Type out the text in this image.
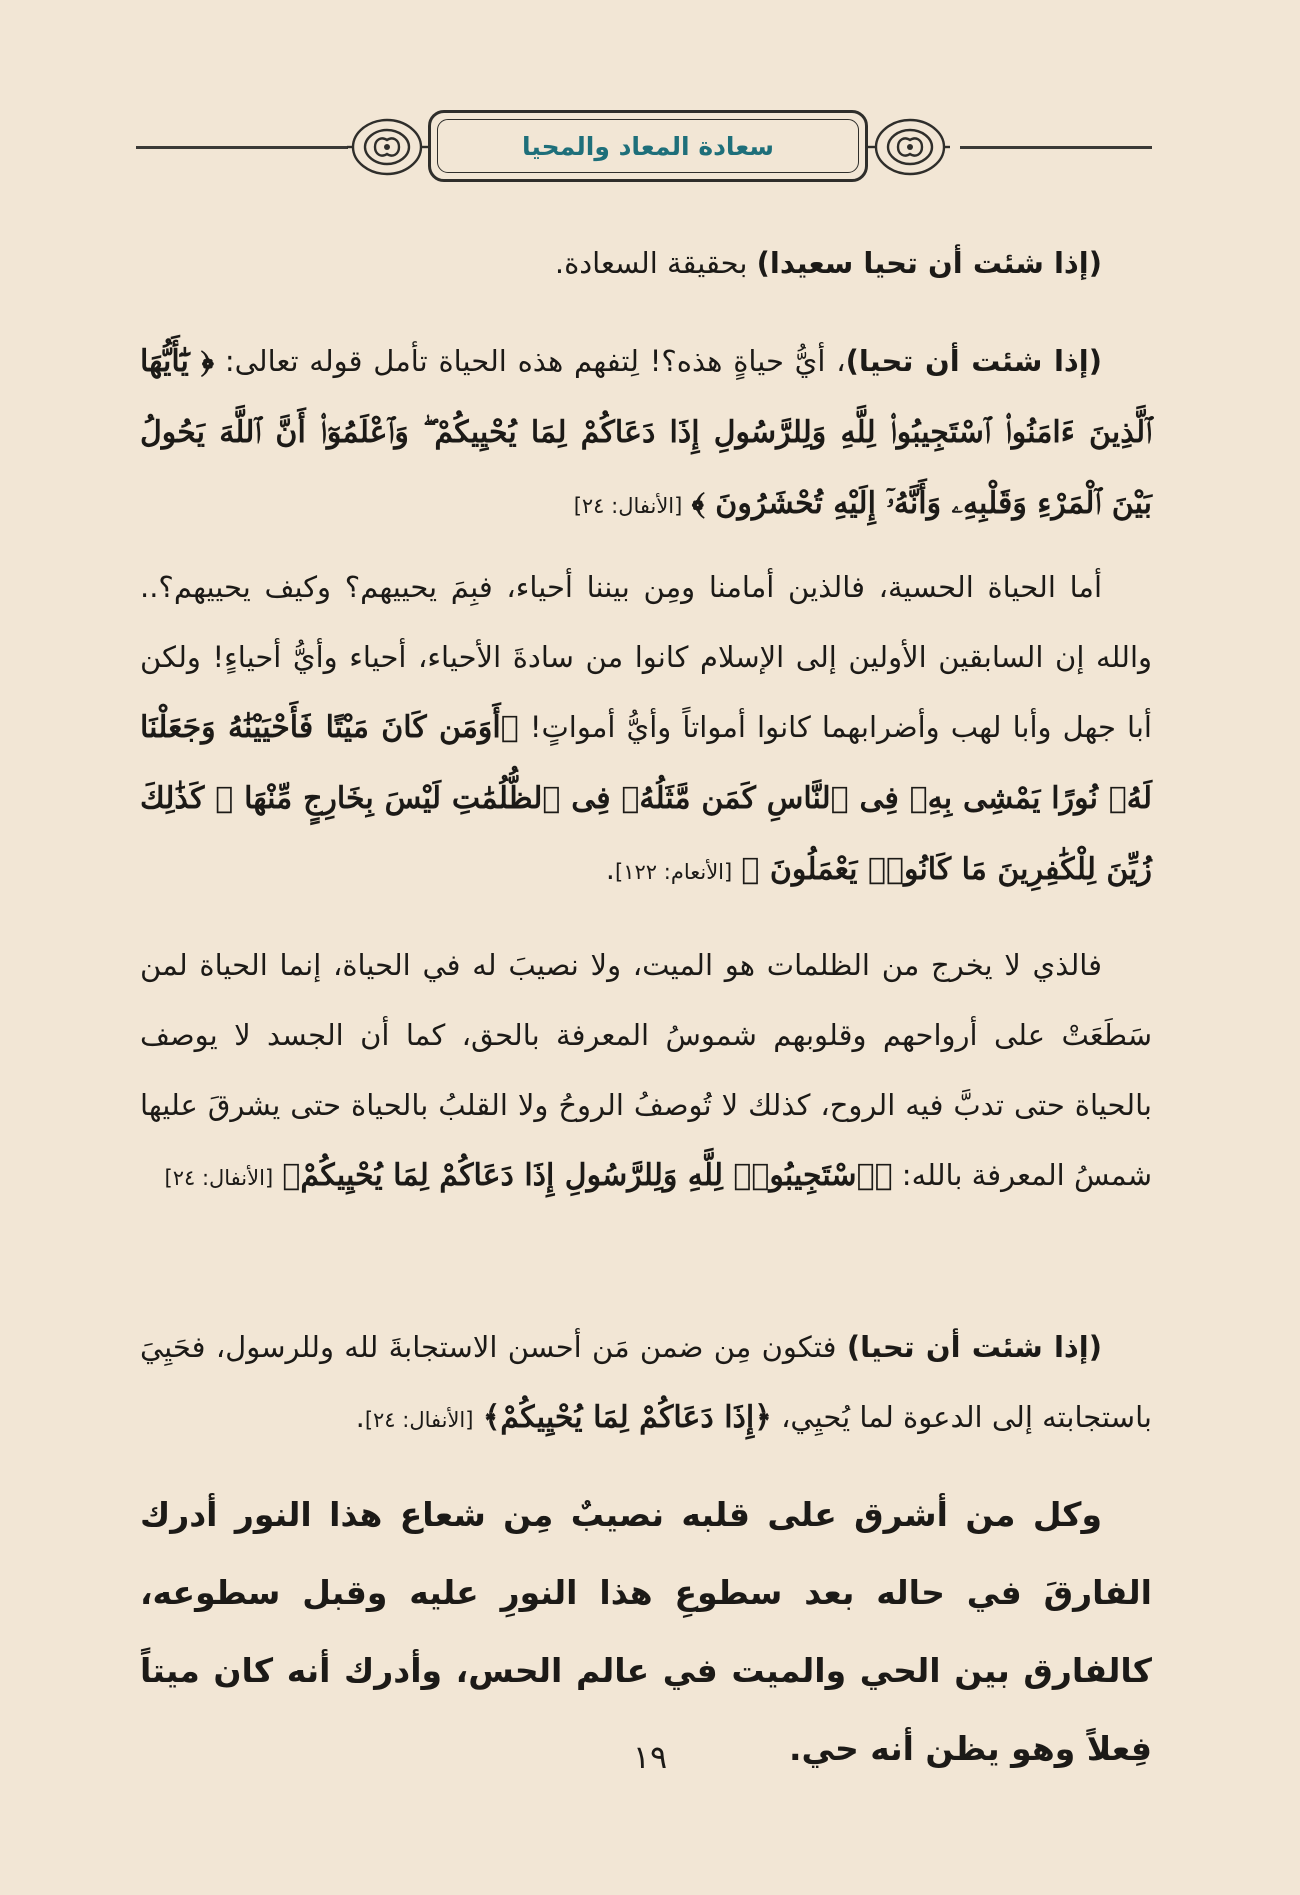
سعادة المعاد والمحيا

(إذا شئت أن تحيا سعيدا) بحقيقة السعادة.

(إذا شئت أن تحيا)، أيُّ حياةٍ هذه؟! لِتفهم هذه الحياة تأمل قوله تعالى: ﴿ يَٰٓأَيُّهَا ٱلَّذِينَ ءَامَنُوا۟ ٱسْتَجِيبُوا۟ لِلَّهِ وَلِلرَّسُولِ إِذَا دَعَاكُمْ لِمَا يُحْيِيكُمْ ۖ وَٱعْلَمُوٓا۟ أَنَّ ٱللَّهَ يَحُولُ بَيْنَ ٱلْمَرْءِ وَقَلْبِهِۦ وَأَنَّهُۥٓ إِلَيْهِ تُحْشَرُونَ ﴾ [الأنفال: ٢٤]

أما الحياة الحسية، فالذين أمامنا ومِن بيننا أحياء، فبِمَ يحييهم؟ وكيف يحييهم؟.. والله إن السابقين الأولين إلى الإسلام كانوا من سادةَ الأحياء، أحياء وأيُّ أحياءٍ! ولكن أبا جهل وأبا لهب وأضرابهما كانوا أمواتاً وأيُّ أمواتٍ! ﴿أَوَمَن كَانَ مَيْتًا فَأَحْيَيْنَٰهُ وَجَعَلْنَا لَهُۥ نُورًا يَمْشِى بِهِۦ فِى ٱلنَّاسِ كَمَن مَّثَلُهُۥ فِى ٱلظُّلُمَٰتِ لَيْسَ بِخَارِجٍ مِّنْهَا ۚ كَذَٰلِكَ زُيِّنَ لِلْكَٰفِرِينَ مَا كَانُوا۟ يَعْمَلُونَ ﴾ [الأنعام: ١٢٢].

فالذي لا يخرج من الظلمات هو الميت، ولا نصيبَ له في الحياة، إنما الحياة لمن سَطَعَتْ على أرواحهم وقلوبهم شموسُ المعرفة بالحق، كما أن الجسد لا يوصف بالحياة حتى تدبَّ فيه الروح، كذلك لا تُوصفُ الروحُ ولا القلبُ بالحياة حتى يشرقَ عليها شمسُ المعرفة بالله: ﴿ٱسْتَجِيبُوا۟ لِلَّهِ وَلِلرَّسُولِ إِذَا دَعَاكُمْ لِمَا يُحْيِيكُمْ﴾ [الأنفال: ٢٤]

(إذا شئت أن تحيا) فتكون مِن ضمن مَن أحسن الاستجابةَ لله وللرسول، فحَيِيَ باستجابته إلى الدعوة لما يُحيِي، ﴿إِذَا دَعَاكُمْ لِمَا يُحْيِيكُمْ﴾ [الأنفال: ٢٤].

وكل من أشرق على قلبه نصيبٌ مِن شعاع هذا النور أدرك الفارقَ في حاله بعد سطوعِ هذا النورِ عليه وقبل سطوعه، كالفارق بين الحي والميت في عالم الحس، وأدرك أنه كان ميتاً فِعلاً وهو يظن أنه حي.

١٩
